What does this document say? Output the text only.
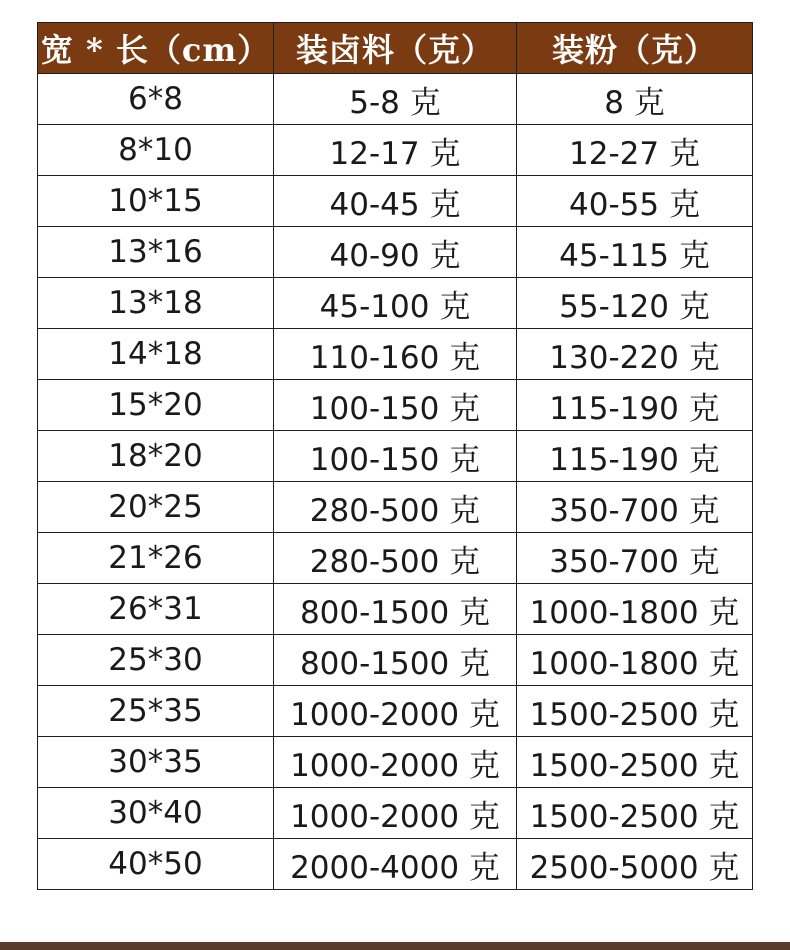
宽 * 长（cm）	装卤料（克）	装粉（克）
6*8	5-8 克	8 克
8*10	12-17 克	12-27 克
10*15	40-45 克	40-55 克
13*16	40-90 克	45-115 克
13*18	45-100 克	55-120 克
14*18	110-160 克	130-220 克
15*20	100-150 克	115-190 克
18*20	100-150 克	115-190 克
20*25	280-500 克	350-700 克
21*26	280-500 克	350-700 克
26*31	800-1500 克	1000-1800 克
25*30	800-1500 克	1000-1800 克
25*35	1000-2000 克	1500-2500 克
30*35	1000-2000 克	1500-2500 克
30*40	1000-2000 克	1500-2500 克
40*50	2000-4000 克	2500-5000 克
